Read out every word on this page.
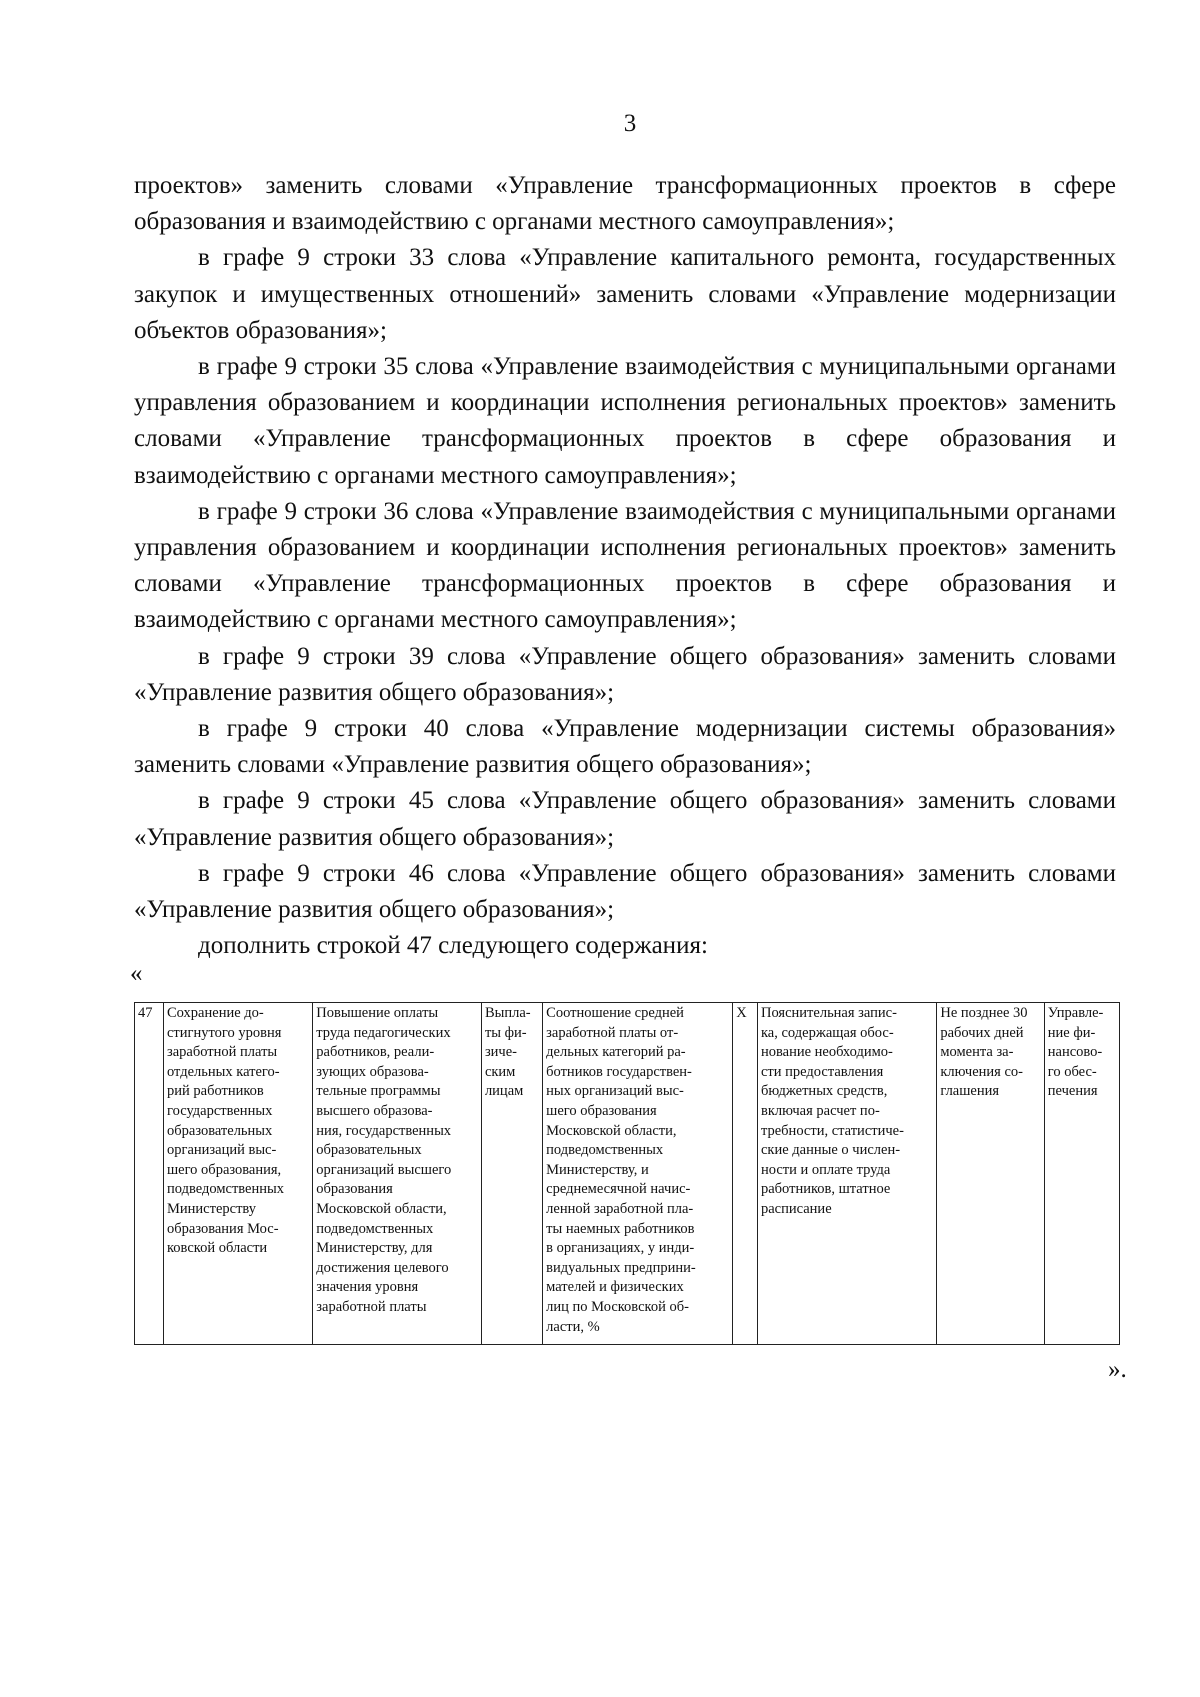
3

проектов» заменить словами «Управление трансформационных проектов в сфере образования и взаимодействию с органами местного самоуправления»;

в графе 9 строки 33 слова «Управление капитального ремонта, государственных закупок и имущественных отношений» заменить словами «Управление модернизации объектов образования»;

в графе 9 строки 35 слова «Управление взаимодействия с муниципальными органами управления образованием и координации исполнения региональных проектов» заменить словами «Управление трансформационных проектов в сфере образования и взаимодействию с органами местного самоуправления»;

в графе 9 строки 36 слова «Управление взаимодействия с муниципальными органами управления образованием и координации исполнения региональных проектов» заменить словами «Управление трансформационных проектов в сфере образования и взаимодействию с органами местного самоуправления»;

в графе 9 строки 39 слова «Управление общего образования» заменить словами «Управление развития общего образования»;

в графе 9 строки 40 слова «Управление модернизации системы образования» заменить словами «Управление развития общего образования»;

в графе 9 строки 45 слова «Управление общего образования» заменить словами «Управление развития общего образования»;

в графе 9 строки 46 слова «Управление общего образования» заменить словами «Управление развития общего образования»;

дополнить строкой 47 следующего содержания:

«
47	Сохранение до-
стигнутого уровня
заработной платы
отдельных катего-
рий работников
государственных
образовательных
организаций выс-
шего образования,
подведомственных
Министерству
образования Мос-
ковской области	Повышение оплаты
труда педагогических
работников, реали-
зующих образова-
тельные программы
высшего образова-
ния, государственных
образовательных
организаций высшего
образования
Московской области,
подведомственных
Министерству, для
достижения целевого
значения уровня
заработной платы	Выпла-
ты фи-
зиче-
ским
лицам	Соотношение средней
заработной платы от-
дельных категорий ра-
ботников государствен-
ных организаций выс-
шего образования
Московской области,
подведомственных
Министерству, и
среднемесячной начис-
ленной заработной пла-
ты наемных работников
в организациях, у инди-
видуальных предприни-
мателей и физических
лиц по Московской об-
ласти, %	Х	Пояснительная запис-
ка, содержащая обос-
нование необходимо-
сти предоставления
бюджетных средств,
включая расчет по-
требности, статистиче-
ские данные о числен-
ности и оплате труда
работников, штатное
расписание	Не позднее 30
рабочих дней
момента за-
ключения со-
глашения	Управле-
ние фи-
нансово-
го обес-
печения
».
